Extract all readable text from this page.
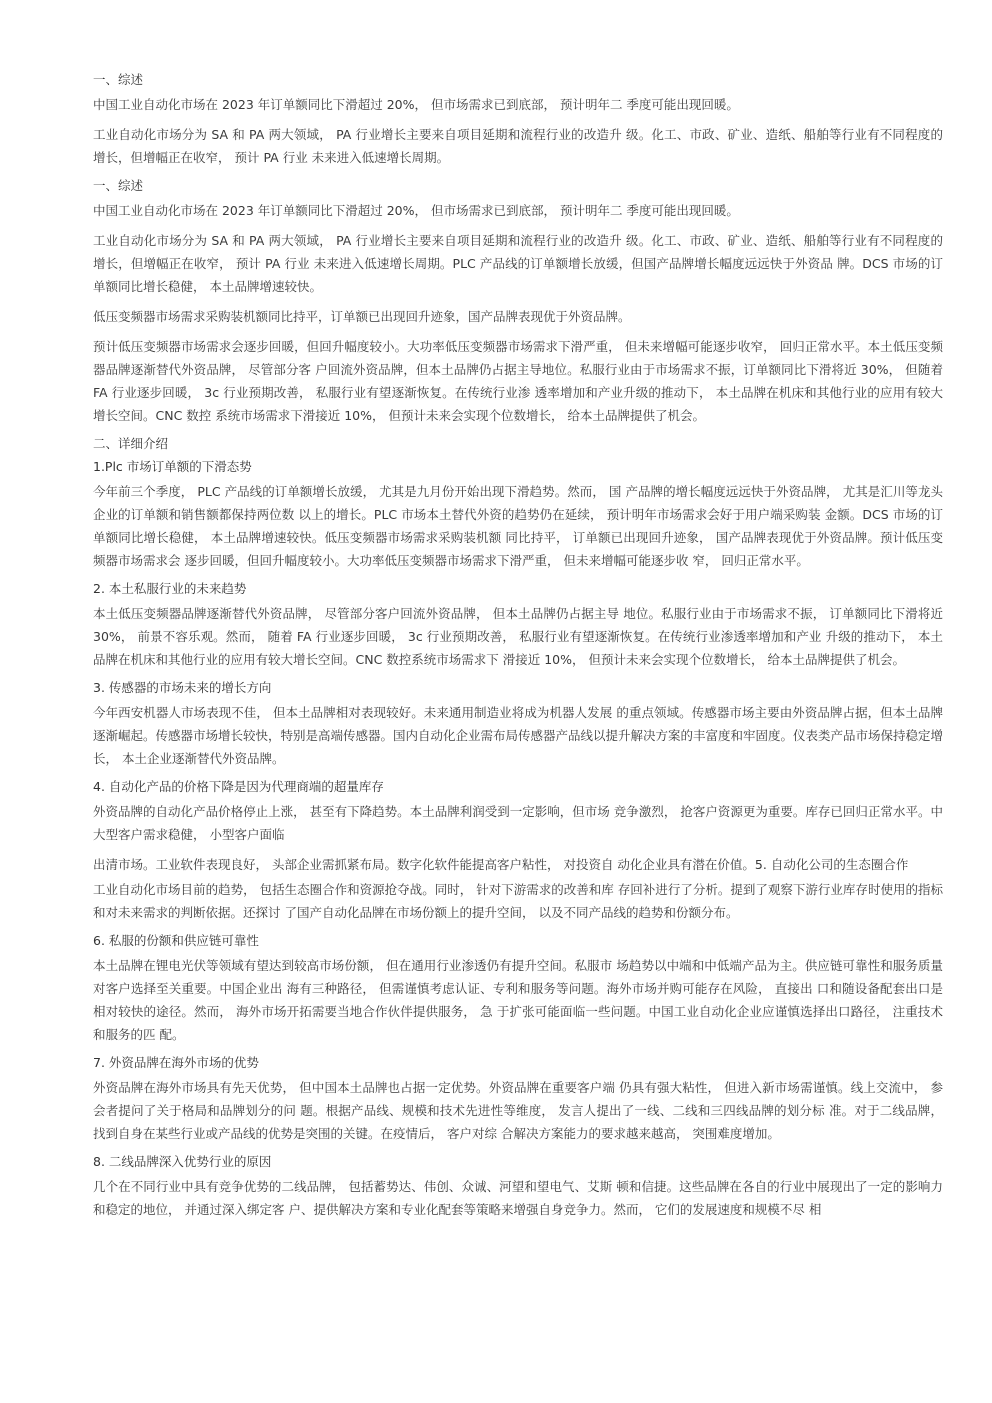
一、综述

中国工业自动化市场在 2023 年订单额同比下滑超过 20%， 但市场需求已到底部， 预计明年二 季度可能出现回暖。

工业自动化市场分为 SA 和 PA 两大领域， PA 行业增长主要来自项目延期和流程行业的改造升 级。化工、市政、矿业、造纸、船舶等行业有不同程度的增长，但增幅正在收窄， 预计 PA 行业 未来进入低速增长周期。

一、综述

中国工业自动化市场在 2023 年订单额同比下滑超过 20%， 但市场需求已到底部， 预计明年二 季度可能出现回暖。

工业自动化市场分为 SA 和 PA 两大领域， PA 行业增长主要来自项目延期和流程行业的改造升 级。化工、市政、矿业、造纸、船舶等行业有不同程度的增长，但增幅正在收窄， 预计 PA 行业 未来进入低速增长周期。PLC 产品线的订单额增长放缓，但国产品牌增长幅度远远快于外资品 牌。DCS 市场的订单额同比增长稳健， 本土品牌增速较快。

低压变频器市场需求采购装机额同比持平，订单额已出现回升迹象，国产品牌表现优于外资品牌。

预计低压变频器市场需求会逐步回暖，但回升幅度较小。大功率低压变频器市场需求下滑严重， 但未来增幅可能逐步收窄， 回归正常水平。本土低压变频器品牌逐渐替代外资品牌， 尽管部分客 户回流外资品牌，但本土品牌仍占据主导地位。私服行业由于市场需求不振，订单额同比下滑将近 30%， 但随着 FA 行业逐步回暖， 3c 行业预期改善， 私服行业有望逐渐恢复。在传统行业渗 透率增加和产业升级的推动下， 本土品牌在机床和其他行业的应用有较大增长空间。CNC 数控 系统市场需求下滑接近 10%， 但预计未来会实现个位数增长， 给本土品牌提供了机会。

二、详细介绍
1.Plc 市场订单额的下滑态势

今年前三个季度， PLC 产品线的订单额增长放缓， 尤其是九月份开始出现下滑趋势。然而， 国 产品牌的增长幅度远远快于外资品牌， 尤其是汇川等龙头企业的订单额和销售额都保持两位数 以上的增长。PLC 市场本土替代外资的趋势仍在延续， 预计明年市场需求会好于用户端采购装 金额。DCS 市场的订单额同比增长稳健， 本土品牌增速较快。低压变频器市场需求采购装机额 同比持平， 订单额已出现回升迹象， 国产品牌表现优于外资品牌。预计低压变频器市场需求会 逐步回暖，但回升幅度较小。大功率低压变频器市场需求下滑严重， 但未来增幅可能逐步收 窄， 回归正常水平。

2. 本土私服行业的未来趋势

本土低压变频器品牌逐渐替代外资品牌， 尽管部分客户回流外资品牌， 但本土品牌仍占据主导 地位。私服行业由于市场需求不振， 订单额同比下滑将近 30%， 前景不容乐观。然而， 随着 FA 行业逐步回暖， 3c 行业预期改善， 私服行业有望逐渐恢复。在传统行业渗透率增加和产业 升级的推动下， 本土品牌在机床和其他行业的应用有较大增长空间。CNC 数控系统市场需求下 滑接近 10%， 但预计未来会实现个位数增长， 给本土品牌提供了机会。

3. 传感器的市场未来的增长方向

今年西安机器人市场表现不佳， 但本土品牌相对表现较好。未来通用制造业将成为机器人发展 的重点领域。传感器市场主要由外资品牌占据，但本土品牌逐渐崛起。传感器市场增长较快，特别是高端传感器。国内自动化企业需布局传感器产品线以提升解决方案的丰富度和牢固度。仪表类产品市场保持稳定增长， 本土企业逐渐替代外资品牌。

4. 自动化产品的价格下降是因为代理商端的超量库存

外资品牌的自动化产品价格停止上涨， 甚至有下降趋势。本土品牌利润受到一定影响，但市场 竞争激烈， 抢客户资源更为重要。库存已回归正常水平。中大型客户需求稳健， 小型客户面临

出清市场。工业软件表现良好， 头部企业需抓紧布局。数字化软件能提高客户粘性， 对投资自 动化企业具有潜在价值。5. 自动化公司的生态圈合作

工业自动化市场目前的趋势， 包括生态圈合作和资源抢夺战。同时， 针对下游需求的改善和库 存回补进行了分析。提到了观察下游行业库存时使用的指标和对未来需求的判断依据。还探讨 了国产自动化品牌在市场份额上的提升空间， 以及不同产品线的趋势和份额分布。

6. 私服的份额和供应链可靠性

本土品牌在锂电光伏等领域有望达到较高市场份额， 但在通用行业渗透仍有提升空间。私服市 场趋势以中端和中低端产品为主。供应链可靠性和服务质量对客户选择至关重要。中国企业出 海有三种路径， 但需谨慎考虑认证、专利和服务等问题。海外市场并购可能存在风险， 直接出 口和随设备配套出口是相对较快的途径。然而， 海外市场开拓需要当地合作伙伴提供服务， 急 于扩张可能面临一些问题。中国工业自动化企业应谨慎选择出口路径， 注重技术和服务的匹 配。

7. 外资品牌在海外市场的优势

外资品牌在海外市场具有先天优势， 但中国本土品牌也占据一定优势。外资品牌在重要客户端 仍具有强大粘性， 但进入新市场需谨慎。线上交流中， 参会者提问了关于格局和品牌划分的问 题。根据产品线、规模和技术先进性等维度， 发言人提出了一线、二线和三四线品牌的划分标 准。对于二线品牌， 找到自身在某些行业或产品线的优势是突围的关键。在疫情后， 客户对综 合解决方案能力的要求越来越高， 突围难度增加。

8. 二线品牌深入优势行业的原因

几个在不同行业中具有竞争优势的二线品牌， 包括蓄势达、伟创、众诚、河望和望电气、艾斯 顿和信捷。这些品牌在各自的行业中展现出了一定的影响力和稳定的地位， 并通过深入绑定客 户、提供解决方案和专业化配套等策略来增强自身竞争力。然而， 它们的发展速度和规模不尽 相
